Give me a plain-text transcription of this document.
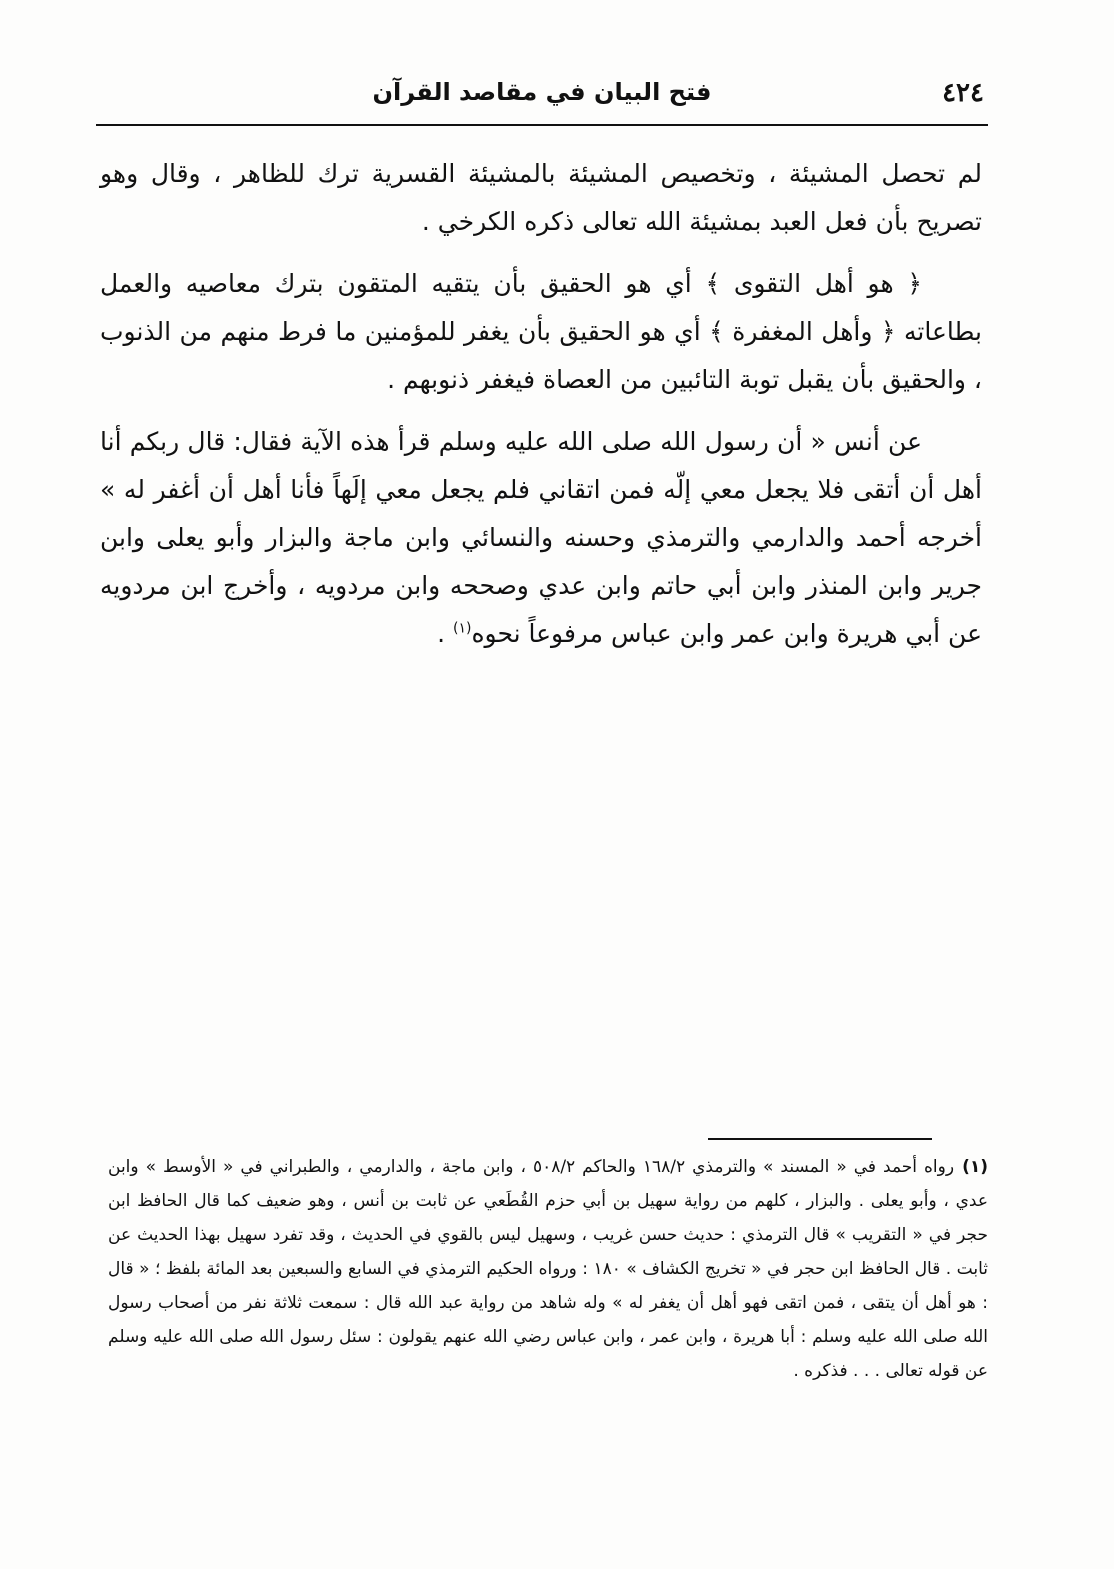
٤٢٤
فتح البيان في مقاصد القرآن

لم تحصل المشيئة ، وتخصيص المشيئة بالمشيئة القسرية ترك للظاهر ، وقال وهو تصريح بأن فعل العبد بمشيئة الله تعالى ذكره الكرخي .

﴿ هو أهل التقوى ﴾ أي هو الحقيق بأن يتقيه المتقون بترك معاصيه والعمل بطاعاته ﴿ وأهل المغفرة ﴾ أي هو الحقيق بأن يغفر للمؤمنين ما فرط منهم من الذنوب ، والحقيق بأن يقبل توبة التائبين من العصاة فيغفر ذنوبهم .

عن أنس « أن رسول الله صلى الله عليه وسلم قرأ هذه الآية فقال: قال ربكم أنا أهل أن أتقى فلا يجعل معي إلّه فمن اتقاني فلم يجعل معي إلَهاً فأنا أهل أن أغفر له » أخرجه أحمد والدارمي والترمذي وحسنه والنسائي وابن ماجة والبزار وأبو يعلى وابن جرير وابن المنذر وابن أبي حاتم وابن عدي وصححه وابن مردويه ، وأخرج ابن مردويه عن أبي هريرة وابن عمر وابن عباس مرفوعاً نحوه$^{(١)}$ .

(١)رواه أحمد في « المسند » والترمذي ١٦٨/٢ والحاكم ٥٠٨/٢ ، وابن ماجة ، والدارمي ، والطبراني في « الأوسط » وابن عدي ، وأبو يعلى . والبزار ، كلهم من رواية سهيل بن أبي حزم القُطَعي عن ثابت بن أنس ، وهو ضعيف كما قال الحافظ ابن حجر في « التقريب » قال الترمذي : حديث حسن غريب ، وسهيل ليس بالقوي في الحديث ، وقد تفرد سهيل بهذا الحديث عن ثابت . قال الحافظ ابن حجر في « تخريج الكشاف » ١٨٠ : ورواه الحكيم الترمذي في السابع والسبعين بعد المائة بلفظ ؛ « قال : هو أهل أن يتقى ، فمن اتقى فهو أهل أن يغفر له » وله شاهد من رواية عبد الله قال : سمعت ثلاثة نفر من أصحاب رسول الله صلى الله عليه وسلم : أبا هريرة ، وابن عمر ، وابن عباس رضي الله عنهم يقولون : سئل رسول الله صلى الله عليه وسلم عن قوله تعالى . . . فذكره .
